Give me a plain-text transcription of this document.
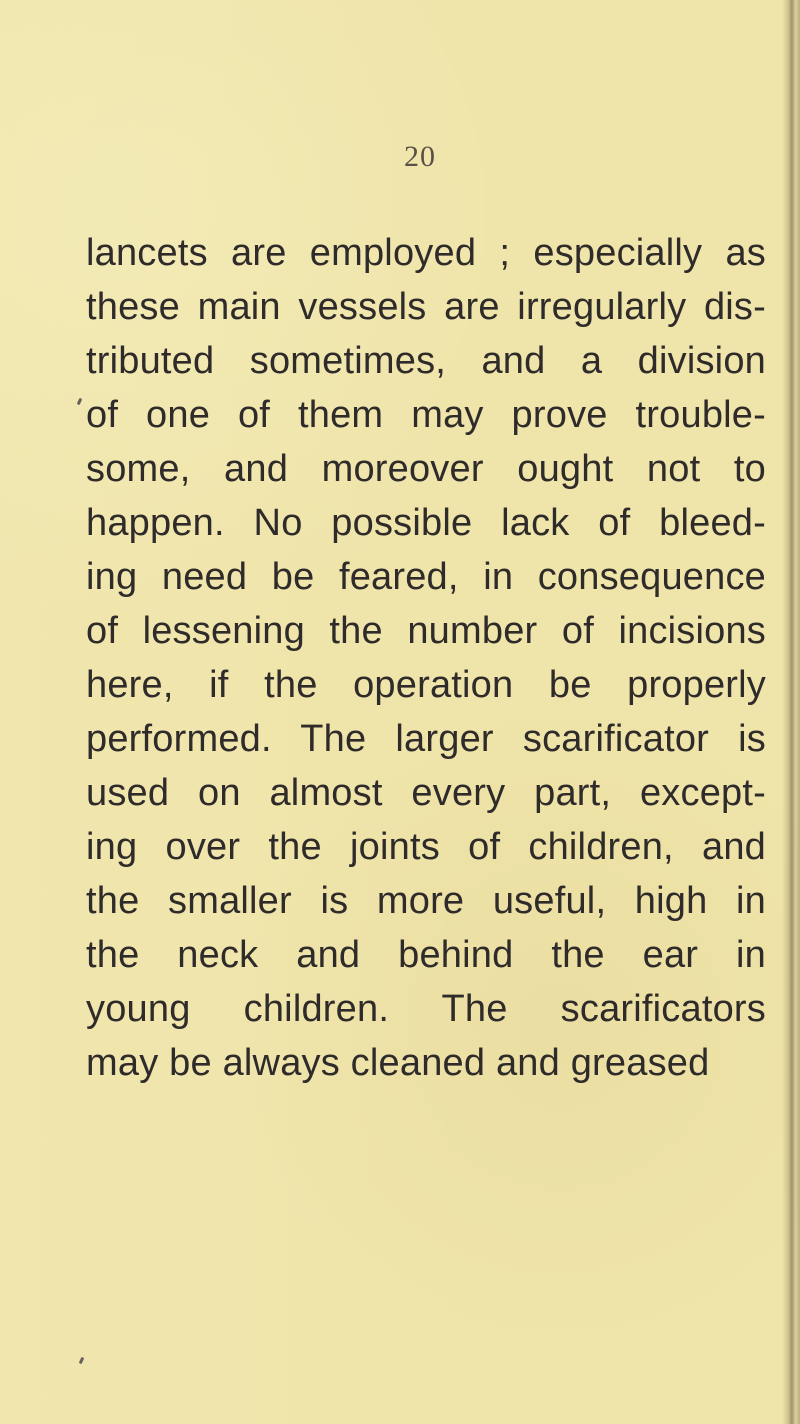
20
lancets are employed ; especially as
these main vessels are irregularly dis-
tributed sometimes, and a division
of one of them may prove trouble-
some, and moreover ought not to
happen. No possible lack of bleed-
ing need be feared, in consequence
of lessening the number of incisions
here, if the operation be properly
performed. The larger scarificator is
used on almost every part, except-
ing over the joints of children, and
the smaller is more useful, high in
the neck and behind the ear in
young children. The scarificators
may be always cleaned and greased
